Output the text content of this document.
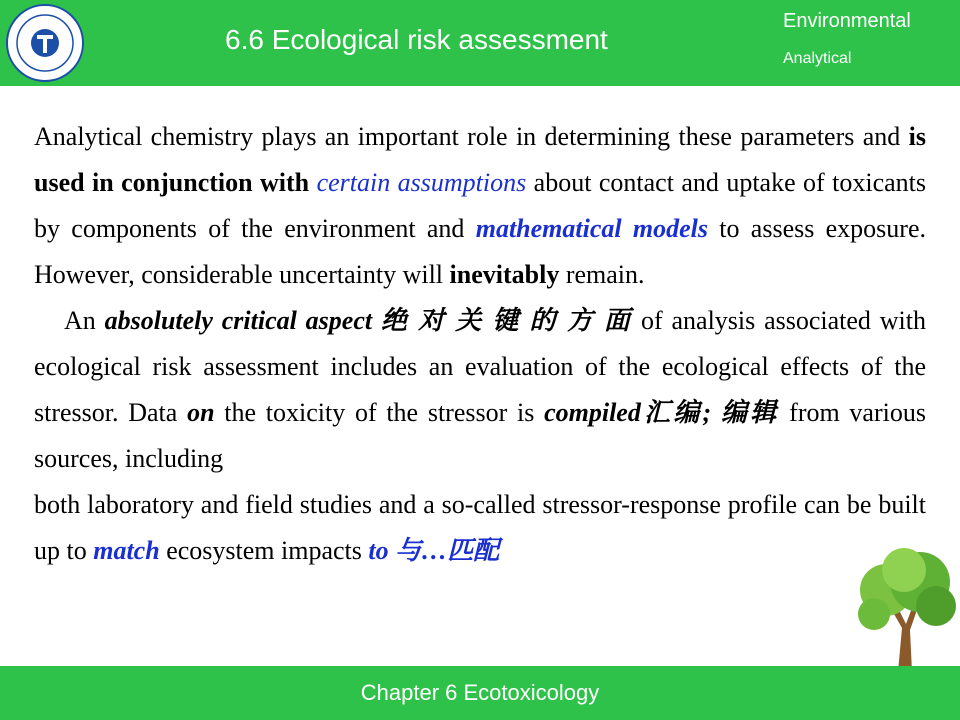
6.6 Ecological risk assessment
Environmental
Analytical

Analytical chemistry plays an important role in determining these parameters and is used in conjunction with certain assumptions about contact and uptake of toxicants by components of the environment and mathematical models to assess exposure. However, considerable uncertainty will inevitably remain.

An absolutely critical aspect 绝 对 关 键 的 方 面 of analysis associated with ecological risk assessment includes an evaluation of the ecological effects of the stressor. Data on the toxicity of the stressor is compiled汇编; 编辑 from various sources, including

both laboratory and field studies and a so-called stressor-response profile can be built up to match ecosystem impacts to 与…匹配

Chapter 6 Ecotoxicology
